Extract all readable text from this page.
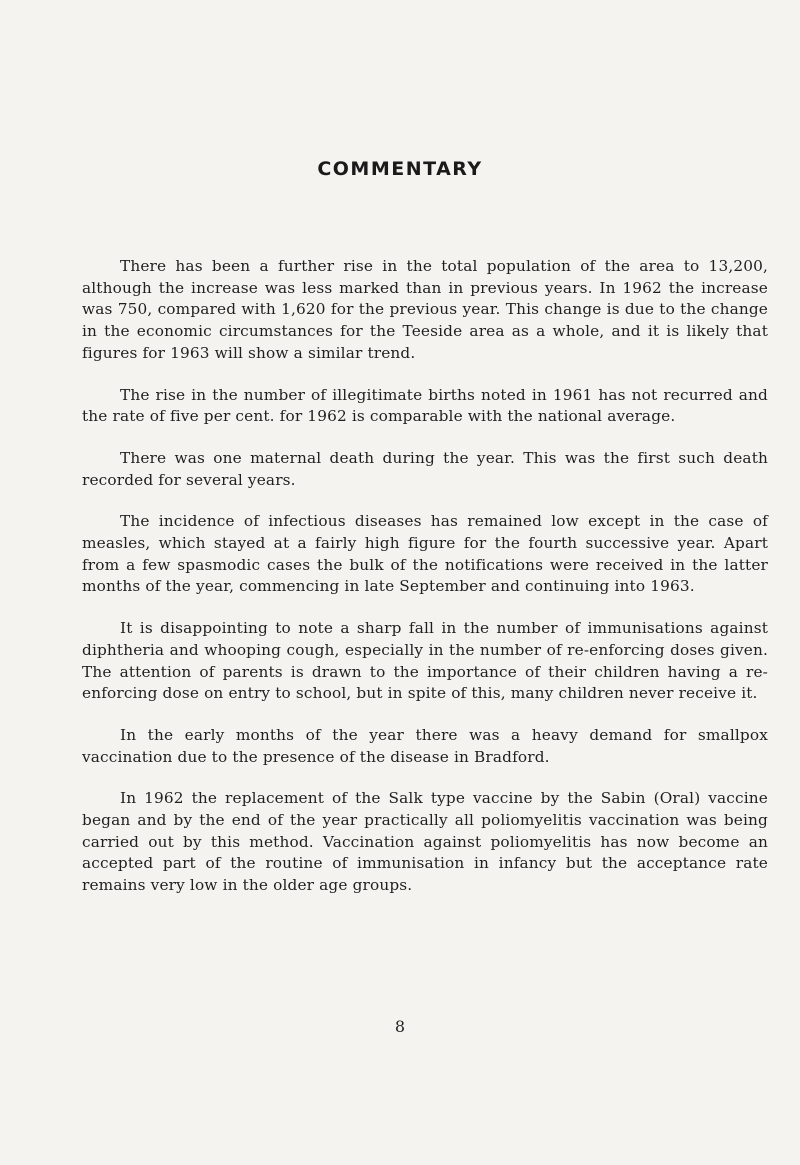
COMMENTARY

There has been a further rise in the total population of the area to 13,200, although the increase was less marked than in previous years. In 1962 the increase was 750, compared with 1,620 for the previous year. This change is due to the change in the economic circumstances for the Teeside area as a whole, and it is likely that figures for 1963 will show a similar trend.

The rise in the number of illegitimate births noted in 1961 has not recurred and the rate of five per cent. for 1962 is comparable with the national average.

There was one maternal death during the year. This was the first such death recorded for several years.

The incidence of infectious diseases has remained low except in the case of measles, which stayed at a fairly high figure for the fourth successive year. Apart from a few spasmodic cases the bulk of the notifications were received in the latter months of the year, commencing in late September and continuing into 1963.

It is disappointing to note a sharp fall in the number of immunisations against diphtheria and whooping cough, especially in the number of re-enforcing doses given. The attention of parents is drawn to the importance of their children having a re-enforcing dose on entry to school, but in spite of this, many children never receive it.

In the early months of the year there was a heavy demand for smallpox vaccination due to the presence of the disease in Bradford.

In 1962 the replacement of the Salk type vaccine by the Sabin (Oral) vaccine began and by the end of the year practically all poliomyelitis vaccination was being carried out by this method. Vaccination against poliomyelitis has now become an accepted part of the routine of immunisation in infancy but the acceptance rate remains very low in the older age groups.

8
